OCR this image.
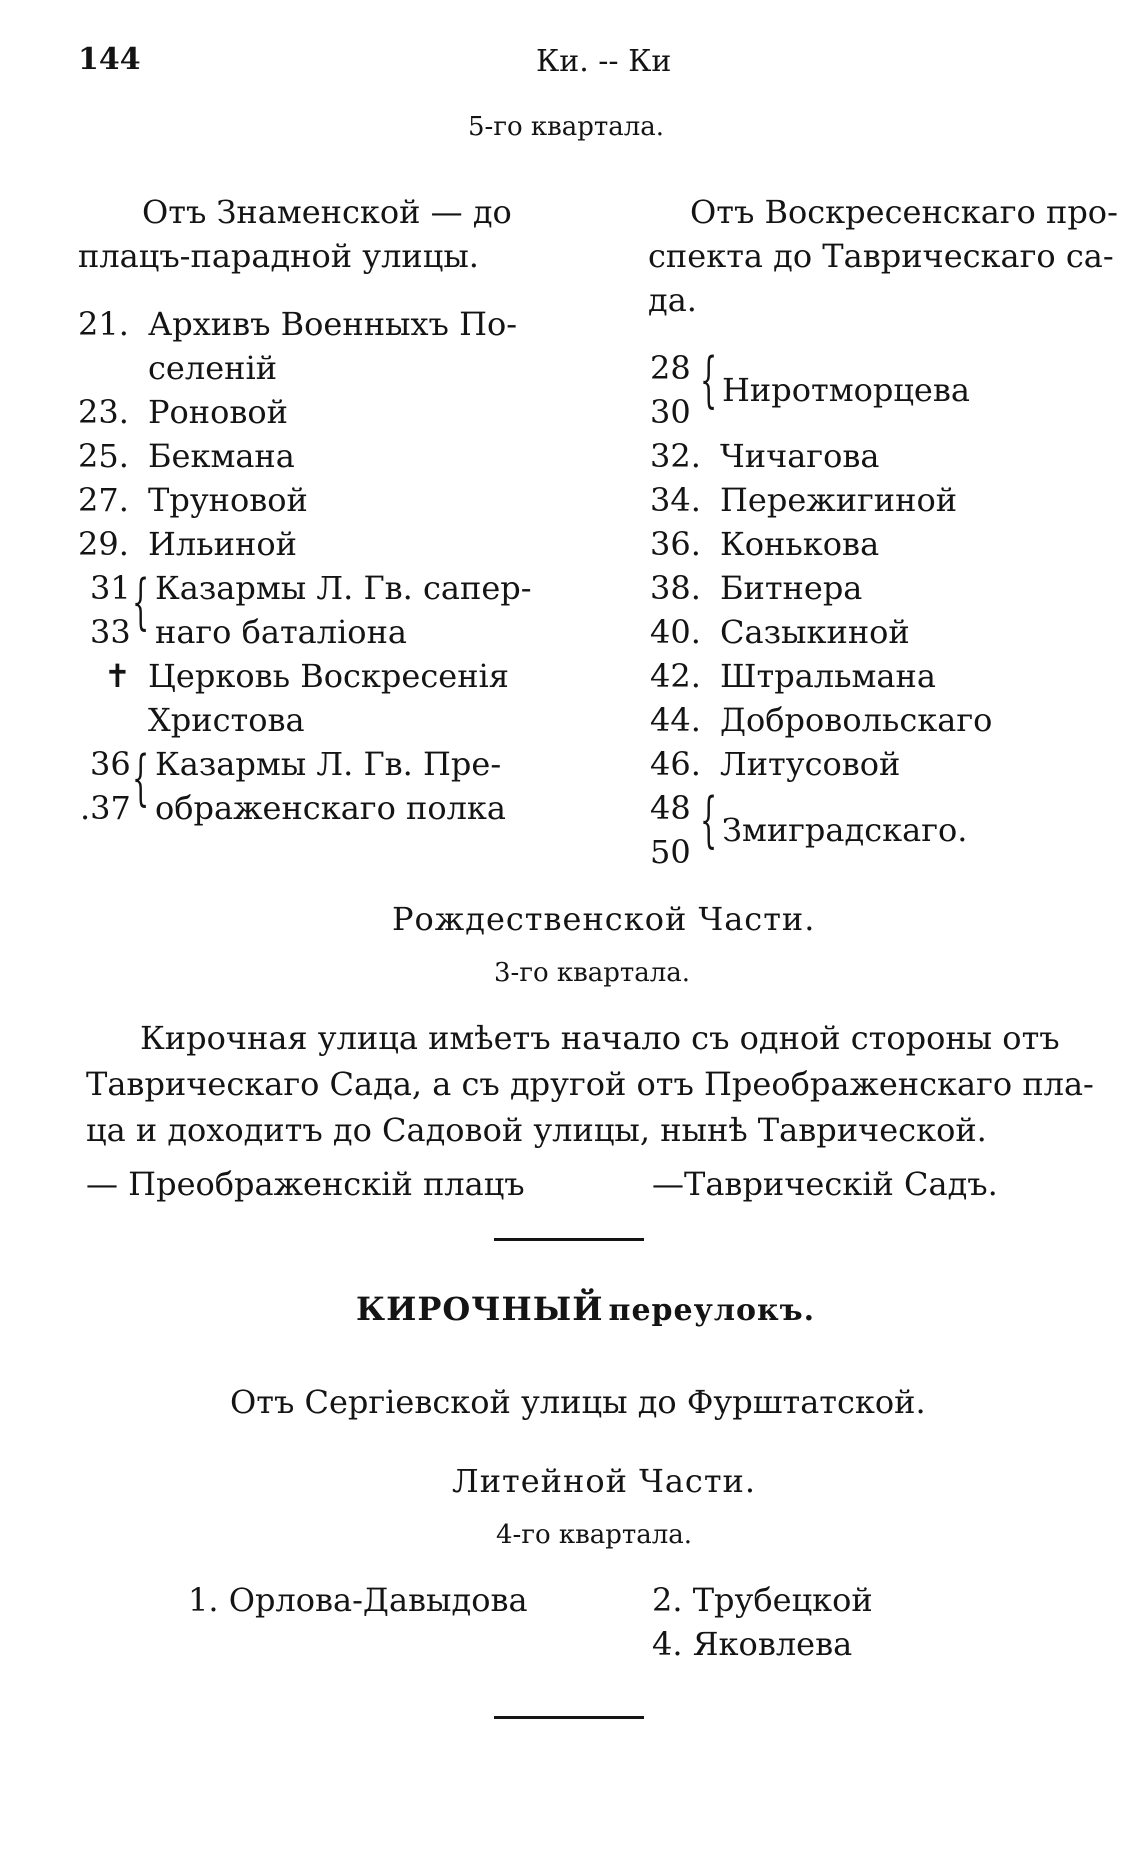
144	Ки. -- Ки
5-го квартала.
Отъ Знаменской — до
плацъ-парадной улицы.
21. Архивъ Военныхъ По-
селеній
23. Роновой
25. Бекмана
27. Труновой
29. Ильиной
31
33 { Казармы Л. Гв. сапер-
наго баталіона
✝ Церковь Воскресенія
Христова
36
.37 { Казармы Л. Гв. Пре-
ображенскаго полка
Отъ Воскресенскаго про-
спекта до Таврическаго са-
да.
28
30 { Ниротморцева
32. Чичагова
34. Пережигиной
36. Конькова
38. Битнера
40. Сазыкиной
42. Штральмана
44. Добровольскаго
46. Литусовой
48
50 { Змиградскаго.
Рождественской Части.
3-го квартала.
Кирочная улица имѣетъ начало съ одной стороны отъ
Таврическаго Сада, а съ другой отъ Преображенскаго пла-
ца и доходитъ до Садовой улицы, нынѣ Таврической.
— Преображенскій плацъ	—Таврическій Садъ.
КИРОЧНЫЙ переулокъ.
Отъ Сергіевской улицы до Фурштатской.
Литейной Части.
4-го квартала.
1. Орлова-Давыдова	2. Трубецкой
4. Яковлева
